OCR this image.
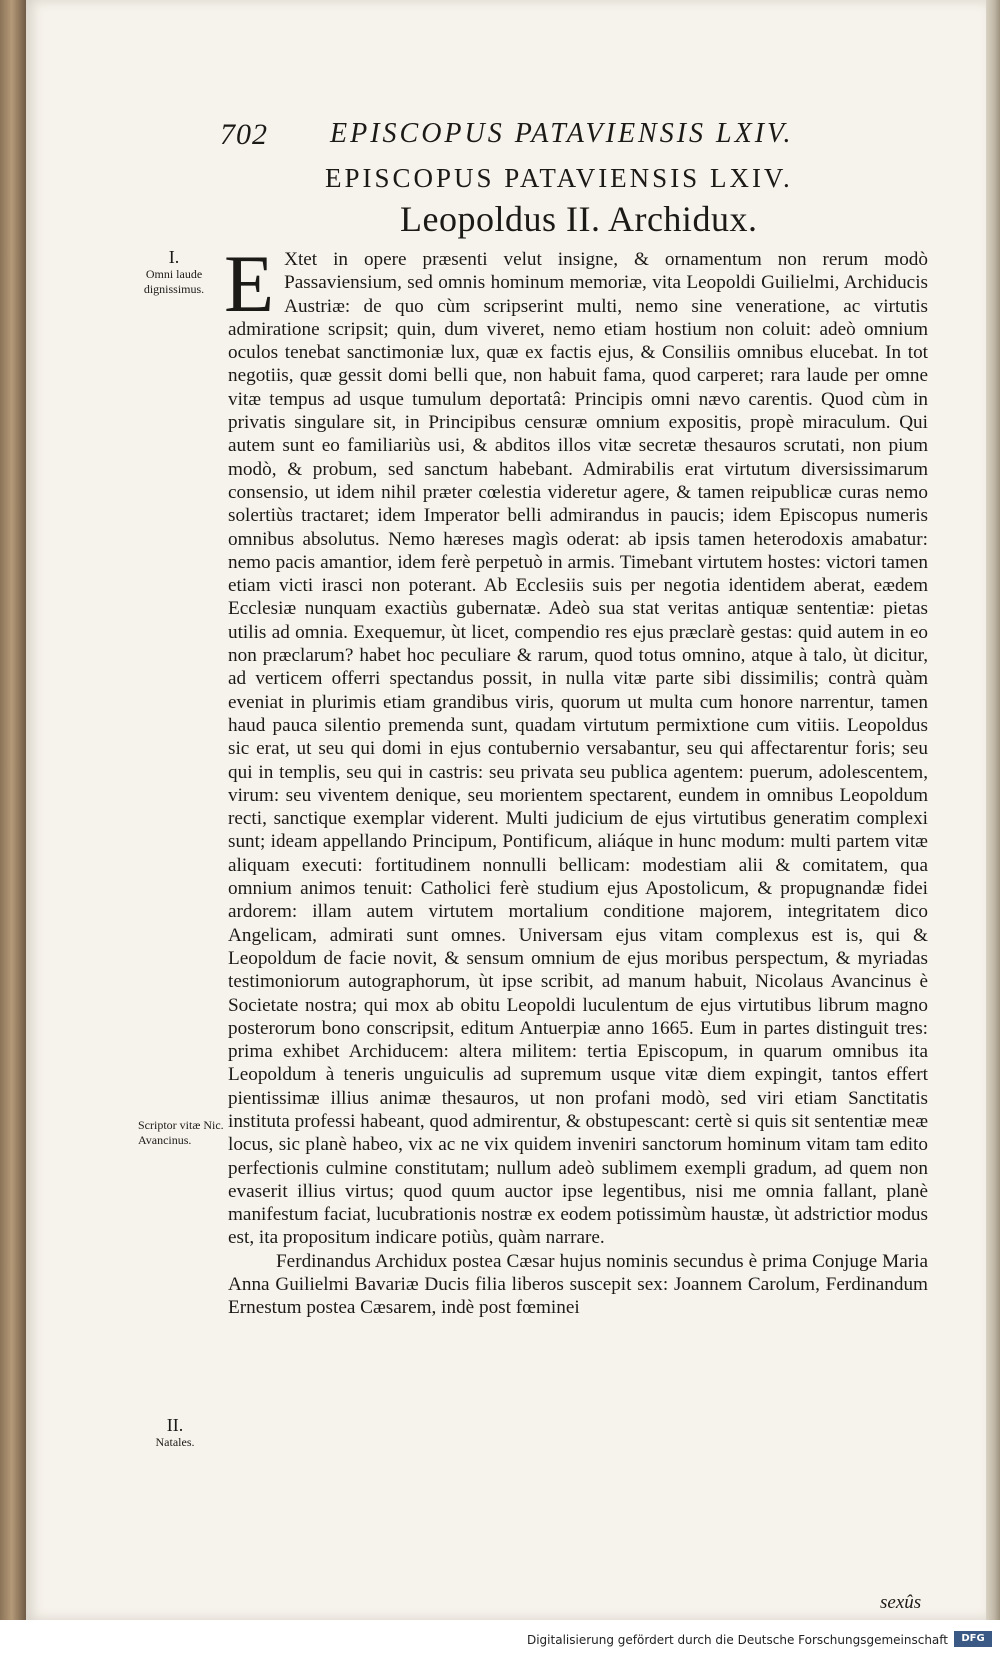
702 EPISCOPUS PATAVIENSIS LXIV.
EPISCOPUS PATAVIENSIS LXIV.
Leopoldus II. Archidux.
I.
Omni laude dignissimus.
Scriptor vitæ Nic. Avancinus.
II.
Natales.

E Xtet in opere præsenti velut insigne, & ornamentum non rerum modò Passaviensium, sed omnis hominum memoriæ, vita Leopoldi Guilielmi, Archiducis Austriæ: de quo cùm scripserint multi, nemo sine veneratione, ac virtutis admiratione scripsit; quin, dum viveret, nemo etiam hostium non coluit: adeò omnium oculos tenebat sanctimoniæ lux, quæ ex factis ejus, & Consiliis omnibus elucebat. In tot negotiis, quæ gessit domi belli que, non habuit fama, quod carperet; rara laude per omne vitæ tempus ad usque tumulum deportatâ: Principis omni nævo carentis. Quod cùm in privatis singulare sit, in Principibus censuræ omnium expositis, propè miraculum. Qui autem sunt eo familiariùs usi, & abditos illos vitæ secretæ thesauros scrutati, non pium modò, & probum, sed sanctum habebant. Admirabilis erat virtutum diversissimarum consensio, ut idem nihil præter cœlestia videretur agere, & tamen reipublicæ curas nemo solertiùs tractaret; idem Imperator belli admirandus in paucis; idem Episcopus numeris omnibus absolutus. Nemo hæreses magìs oderat: ab ipsis tamen heterodoxis amabatur: nemo pacis amantior, idem ferè perpetuò in armis. Timebant virtutem hostes: victori tamen etiam victi irasci non poterant. Ab Ecclesiis suis per negotia identidem aberat, eædem Ecclesiæ nunquam exactiùs gubernatæ. Adeò sua stat veritas antiquæ sententiæ: pietas utilis ad omnia. Exequemur, ùt licet, compendio res ejus præclarè gestas: quid autem in eo non præclarum? habet hoc peculiare & rarum, quod totus omnino, atque à talo, ùt dicitur, ad verticem offerri spectandus possit, in nulla vitæ parte sibi dissimilis; contrà quàm eveniat in plurimis etiam grandibus viris, quorum ut multa cum honore narrentur, tamen haud pauca silentio premenda sunt, quadam virtutum permixtione cum vitiis. Leopoldus sic erat, ut seu qui domi in ejus contubernio versabantur, seu qui affectarentur foris; seu qui in templis, seu qui in castris: seu privata seu publica agentem: puerum, adolescentem, virum: seu viventem denique, seu morientem spectarent, eundem in omnibus Leopoldum recti, sanctique exemplar viderent. Multi judicium de ejus virtutibus generatim complexi sunt; ideam appellando Principum, Pontificum, aliáque in hunc modum: multi partem vitæ aliquam executi: fortitudinem nonnulli bellicam: modestiam alii & comitatem, qua omnium animos tenuit: Catholici ferè studium ejus Apostolicum, & propugnandæ fidei ardorem: illam autem virtutem mortalium conditione majorem, integritatem dico Angelicam, admirati sunt omnes. Universam ejus vitam complexus est is, qui & Leopoldum de facie novit, & sensum omnium de ejus moribus perspectum, & myriadas testimoniorum autographorum, ùt ipse scribit, ad manum habuit, Nicolaus Avancinus è Societate nostra; qui mox ab obitu Leopoldi luculentum de ejus virtutibus librum magno posterorum bono conscripsit, editum Antuerpiæ anno 1665. Eum in partes distinguit tres: prima exhibet Archiducem: altera militem: tertia Episcopum, in quarum omnibus ita Leopoldum à teneris unguiculis ad supremum usque vitæ diem expingit, tantos effert pientissimæ illius animæ thesauros, ut non profani modò, sed viri etiam Sanctitatis instituta professi habeant, quod admirentur, & obstupescant: certè si quis sit sententiæ meæ locus, sic planè habeo, vix ac ne vix quidem inveniri sanctorum hominum vitam tam edito perfectionis culmine constitutam; nullum adeò sublimem exempli gradum, ad quem non evaserit illius virtus; quod quum auctor ipse legentibus, nisi me omnia fallant, planè manifestum faciat, lucubrationis nostræ ex eodem potissimùm haustæ, ùt adstrictior modus est, ita propositum indicare potiùs, quàm narrare.

Ferdinandus Archidux postea Cæsar hujus nominis secundus è prima Conjuge Maria Anna Guilielmi Bavariæ Ducis filia liberos suscepit sex: Joannem Carolum, Ferdinandum Ernestum postea Cæsarem, indè post fœminei

sexûs
Digitalisierung gefördert durch die Deutsche Forschungsgemeinschaft	DFG
